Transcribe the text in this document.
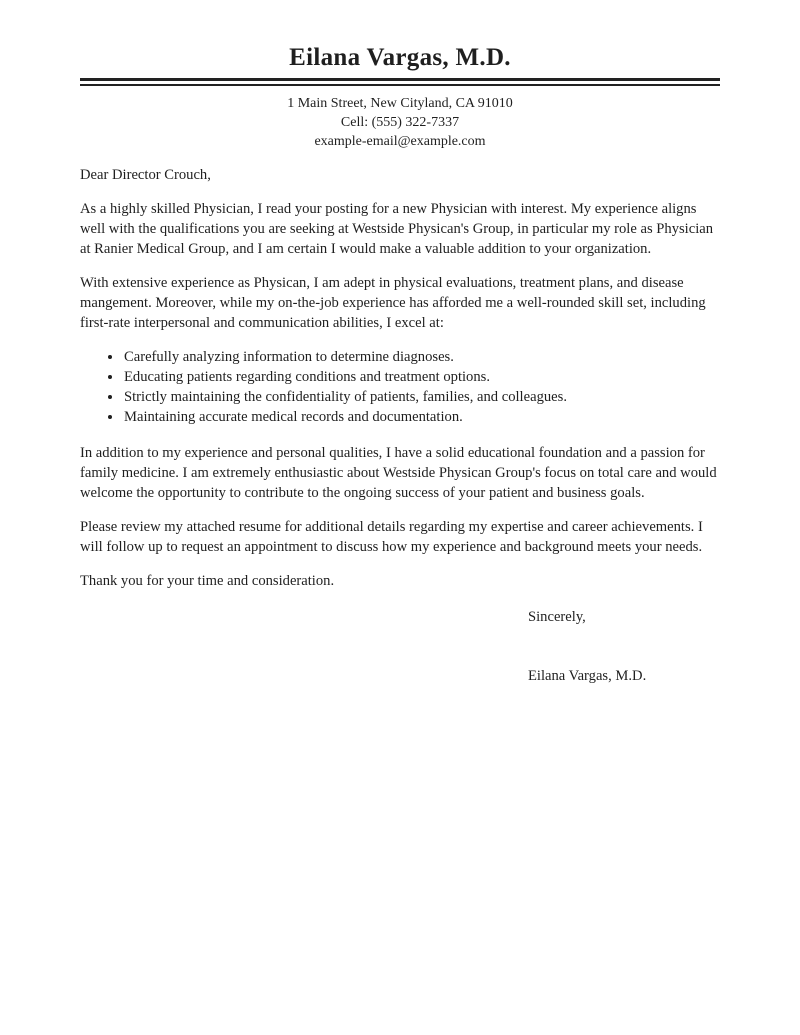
Eilana Vargas, M.D.
1 Main Street, New Cityland, CA 91010
Cell: (555) 322-7337
example-email@example.com

Dear Director Crouch,

As a highly skilled Physician, I read your posting for a new Physician with interest. My experience aligns well with the qualifications you are seeking at Westside Physican's Group, in particular my role as Physician at Ranier Medical Group, and I am certain I would make a valuable addition to your organization.

With extensive experience as Physican, I am adept in physical evaluations, treatment plans, and disease mangement. Moreover, while my on-the-job experience has afforded me a well-rounded skill set, including first-rate interpersonal and communication abilities, I excel at:

• Carefully analyzing information to determine diagnoses.
• Educating patients regarding conditions and treatment options.
• Strictly maintaining the confidentiality of patients, families, and colleagues.
• Maintaining accurate medical records and documentation.

In addition to my experience and personal qualities, I have a solid educational foundation and a passion for family medicine. I am extremely enthusiastic about Westside Physican Group's focus on total care and would welcome the opportunity to contribute to the ongoing success of your patient and business goals.

Please review my attached resume for additional details regarding my expertise and career achievements. I will follow up to request an appointment to discuss how my experience and background meets your needs.

Thank you for your time and consideration.

Sincerely,

Eilana Vargas, M.D.
